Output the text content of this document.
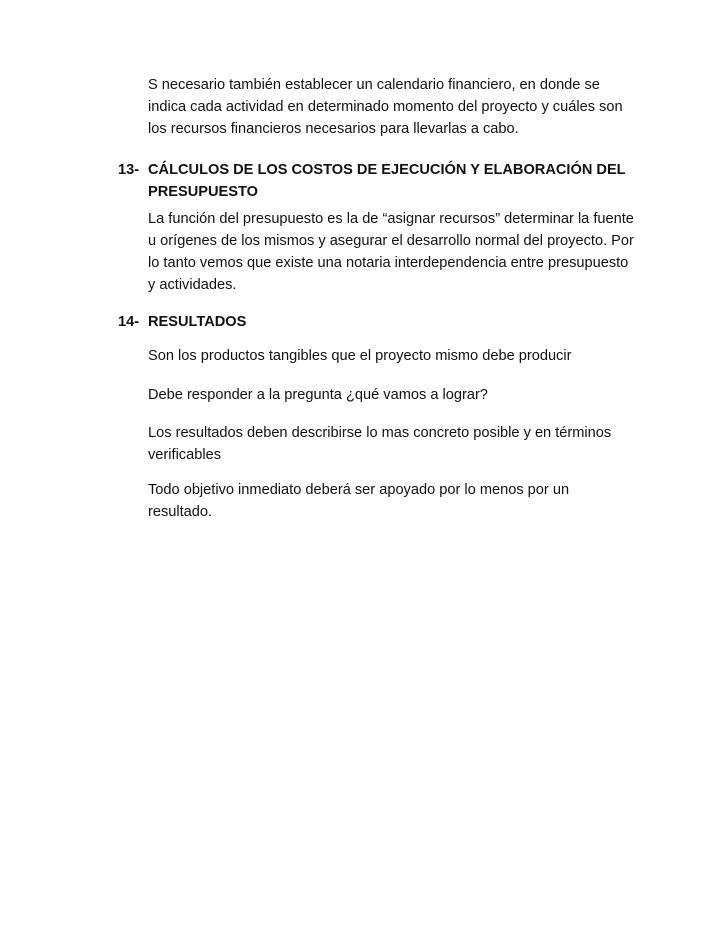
S necesario también establecer un calendario financiero, en donde se
indica cada actividad en determinado momento del proyecto y cuáles son
los recursos financieros necesarios para llevarlas a cabo.

13- CÁLCULOS DE LOS COSTOS DE EJECUCIÓN Y ELABORACIÓN DEL
PRESUPUESTO

La función del presupuesto es la de “asignar recursos” determinar la fuente
u orígenes de los mismos y asegurar el desarrollo normal del proyecto. Por
lo tanto vemos que existe una notaria interdependencia entre presupuesto
y actividades.

14- RESULTADOS

Son los productos tangibles que el proyecto mismo debe producir

Debe responder a la pregunta ¿qué vamos a lograr?

Los resultados deben describirse lo mas concreto posible y en términos
verificables

Todo objetivo inmediato deberá ser apoyado por lo menos por un
resultado.
